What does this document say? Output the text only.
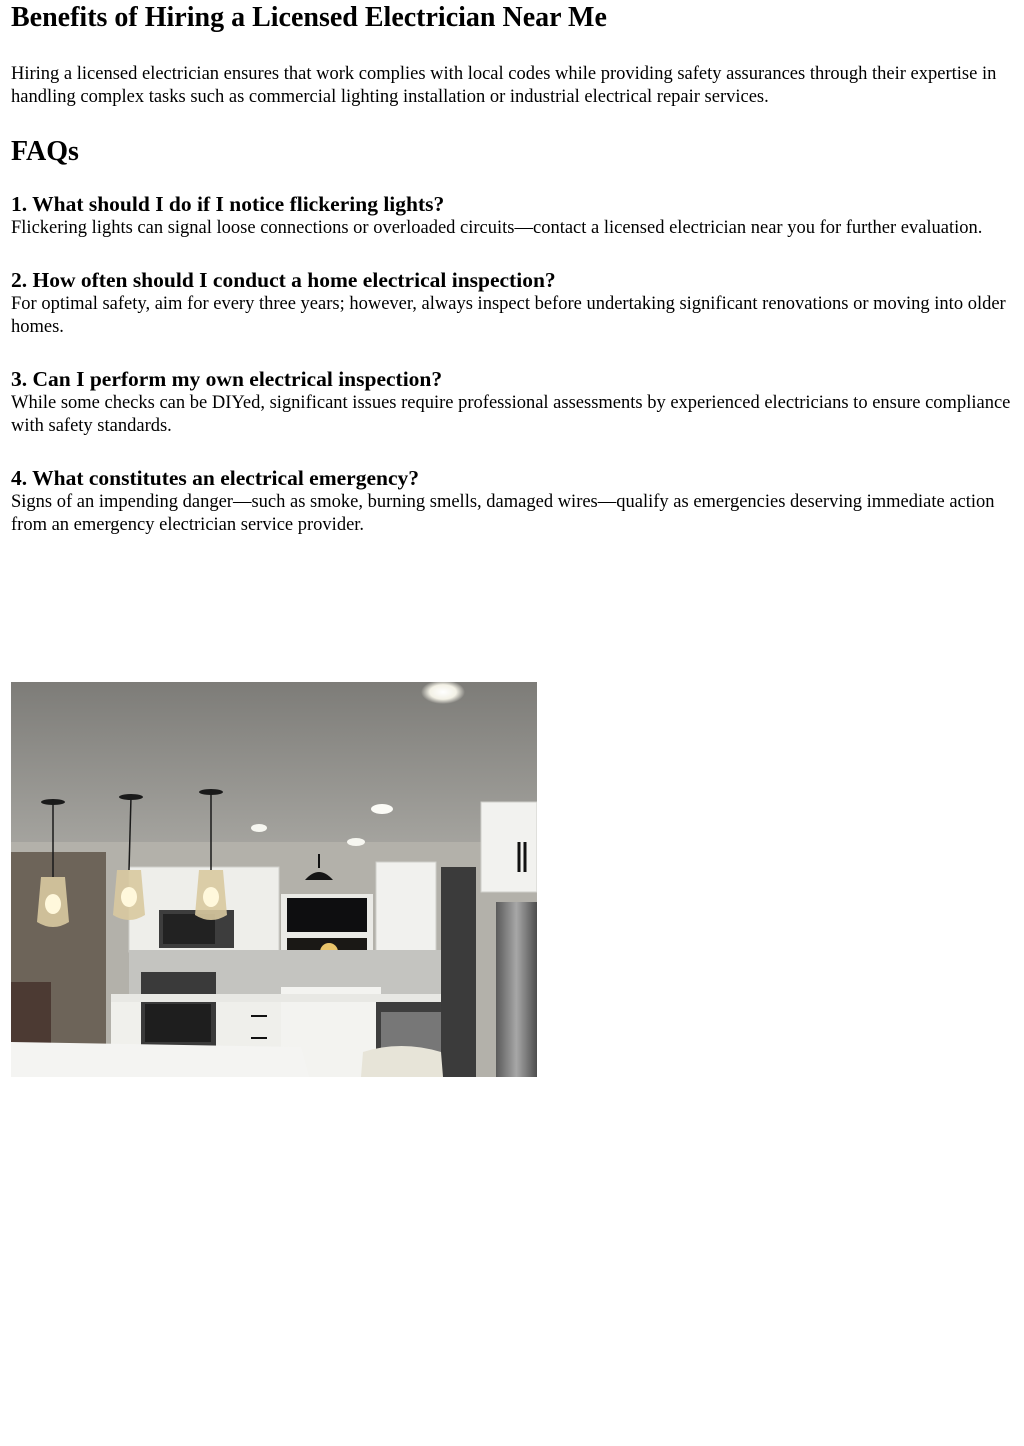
Benefits of Hiring a Licensed Electrician Near Me

Hiring a licensed electrician ensures that work complies with local codes while providing safety assurances through their expertise in handling complex tasks such as commercial lighting installation or industrial electrical repair services.

FAQs
1. What should I do if I notice flickering lights?

Flickering lights can signal loose connections or overloaded circuits—contact a licensed electrician near you for further evaluation.

2. How often should I conduct a home electrical inspection?

For optimal safety, aim for every three years; however, always inspect before undertaking significant renovations or moving into older homes.

3. Can I perform my own electrical inspection?

While some checks can be DIYed, significant issues require professional assessments by experienced electricians to ensure compliance with safety standards.

4. What constitutes an electrical emergency?

Signs of an impending danger—such as smoke, burning smells, damaged wires—qualify as emergencies deserving immediate action from an emergency electrician service provider.
